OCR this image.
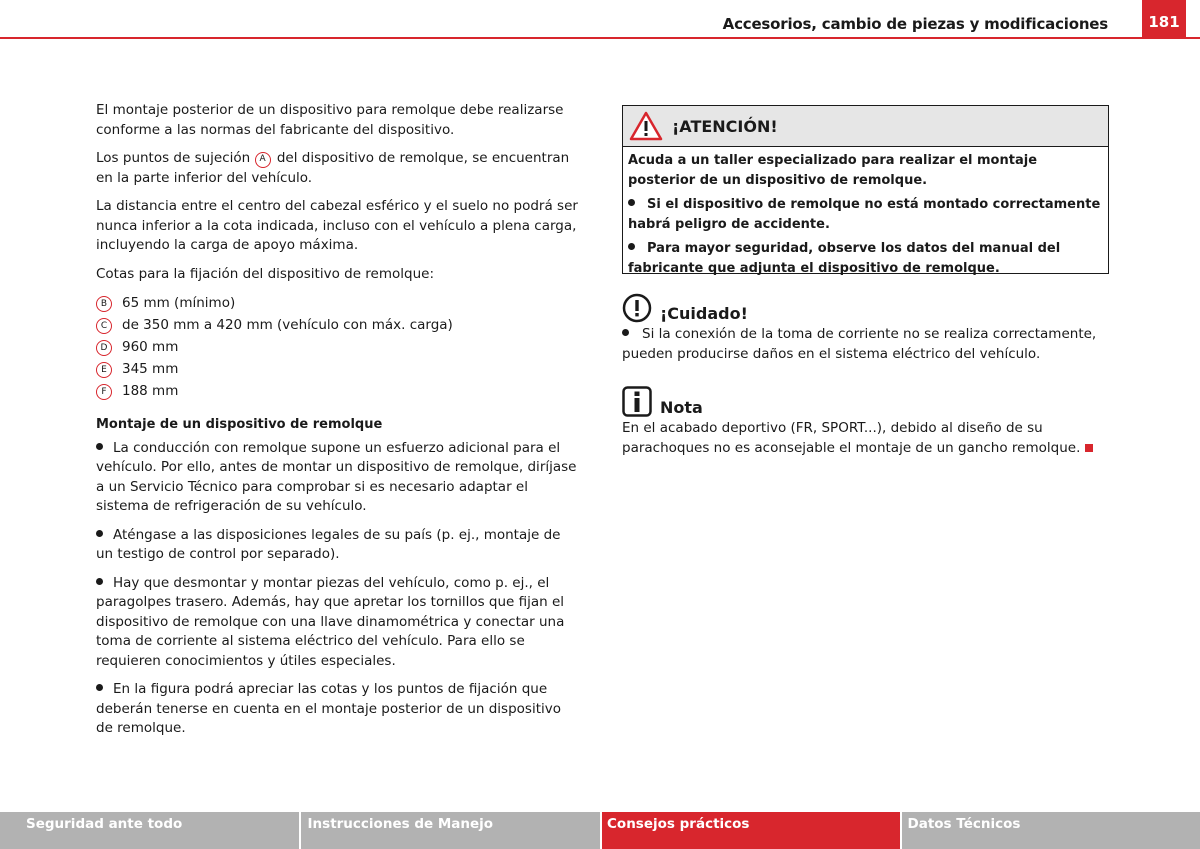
Accesorios, cambio de piezas y modificaciones	181

El montaje posterior de un dispositivo para remolque debe realizarse conforme a las normas del fabricante del dispositivo.

Los puntos de sujeción A del dispositivo de remolque, se encuentran en la parte inferior del vehículo.

La distancia entre el centro del cabezal esférico y el suelo no podrá ser nunca inferior a la cota indicada, incluso con el vehículo a plena carga, incluyendo la carga de apoyo máxima.

Cotas para la fijación del dispositivo de remolque:

B	65 mm (mínimo)
C	de 350 mm a 420 mm (vehículo con máx. carga)
D	960 mm
E	345 mm
F	188 mm
Montaje de un dispositivo de remolque

La conducción con remolque supone un esfuerzo adicional para el vehículo. Por ello, antes de montar un dispositivo de remolque, diríjase a un Servicio Técnico para comprobar si es necesario adaptar el sistema de refrigeración de su vehículo.

Aténgase a las disposiciones legales de su país (p. ej., montaje de un testigo de control por separado).

Hay que desmontar y montar piezas del vehículo, como p. ej., el paragolpes trasero. Además, hay que apretar los tornillos que fijan el dispositivo de remolque con una llave dinamométrica y conectar una toma de corriente al sistema eléctrico del vehículo. Para ello se requieren conocimientos y útiles especiales.

En la figura podrá apreciar las cotas y los puntos de fijación que deberán tenerse en cuenta en el montaje posterior de un dispositivo de remolque.

¡ATENCIÓN!

Acuda a un taller especializado para realizar el montaje posterior de un dispositivo de remolque.

Si el dispositivo de remolque no está montado correctamente habrá peligro de accidente.

Para mayor seguridad, observe los datos del manual del fabricante que adjunta el dispositivo de remolque.

¡Cuidado!

Si la conexión de la toma de corriente no se realiza correctamente, pueden producirse daños en el sistema eléctrico del vehículo.

Nota

En el acabado deportivo (FR, SPORT...), debido al diseño de su parachoques no es aconsejable el montaje de un gancho remolque.

Seguridad ante todo	Instrucciones de Manejo	Consejos prácticos	Datos Técnicos
